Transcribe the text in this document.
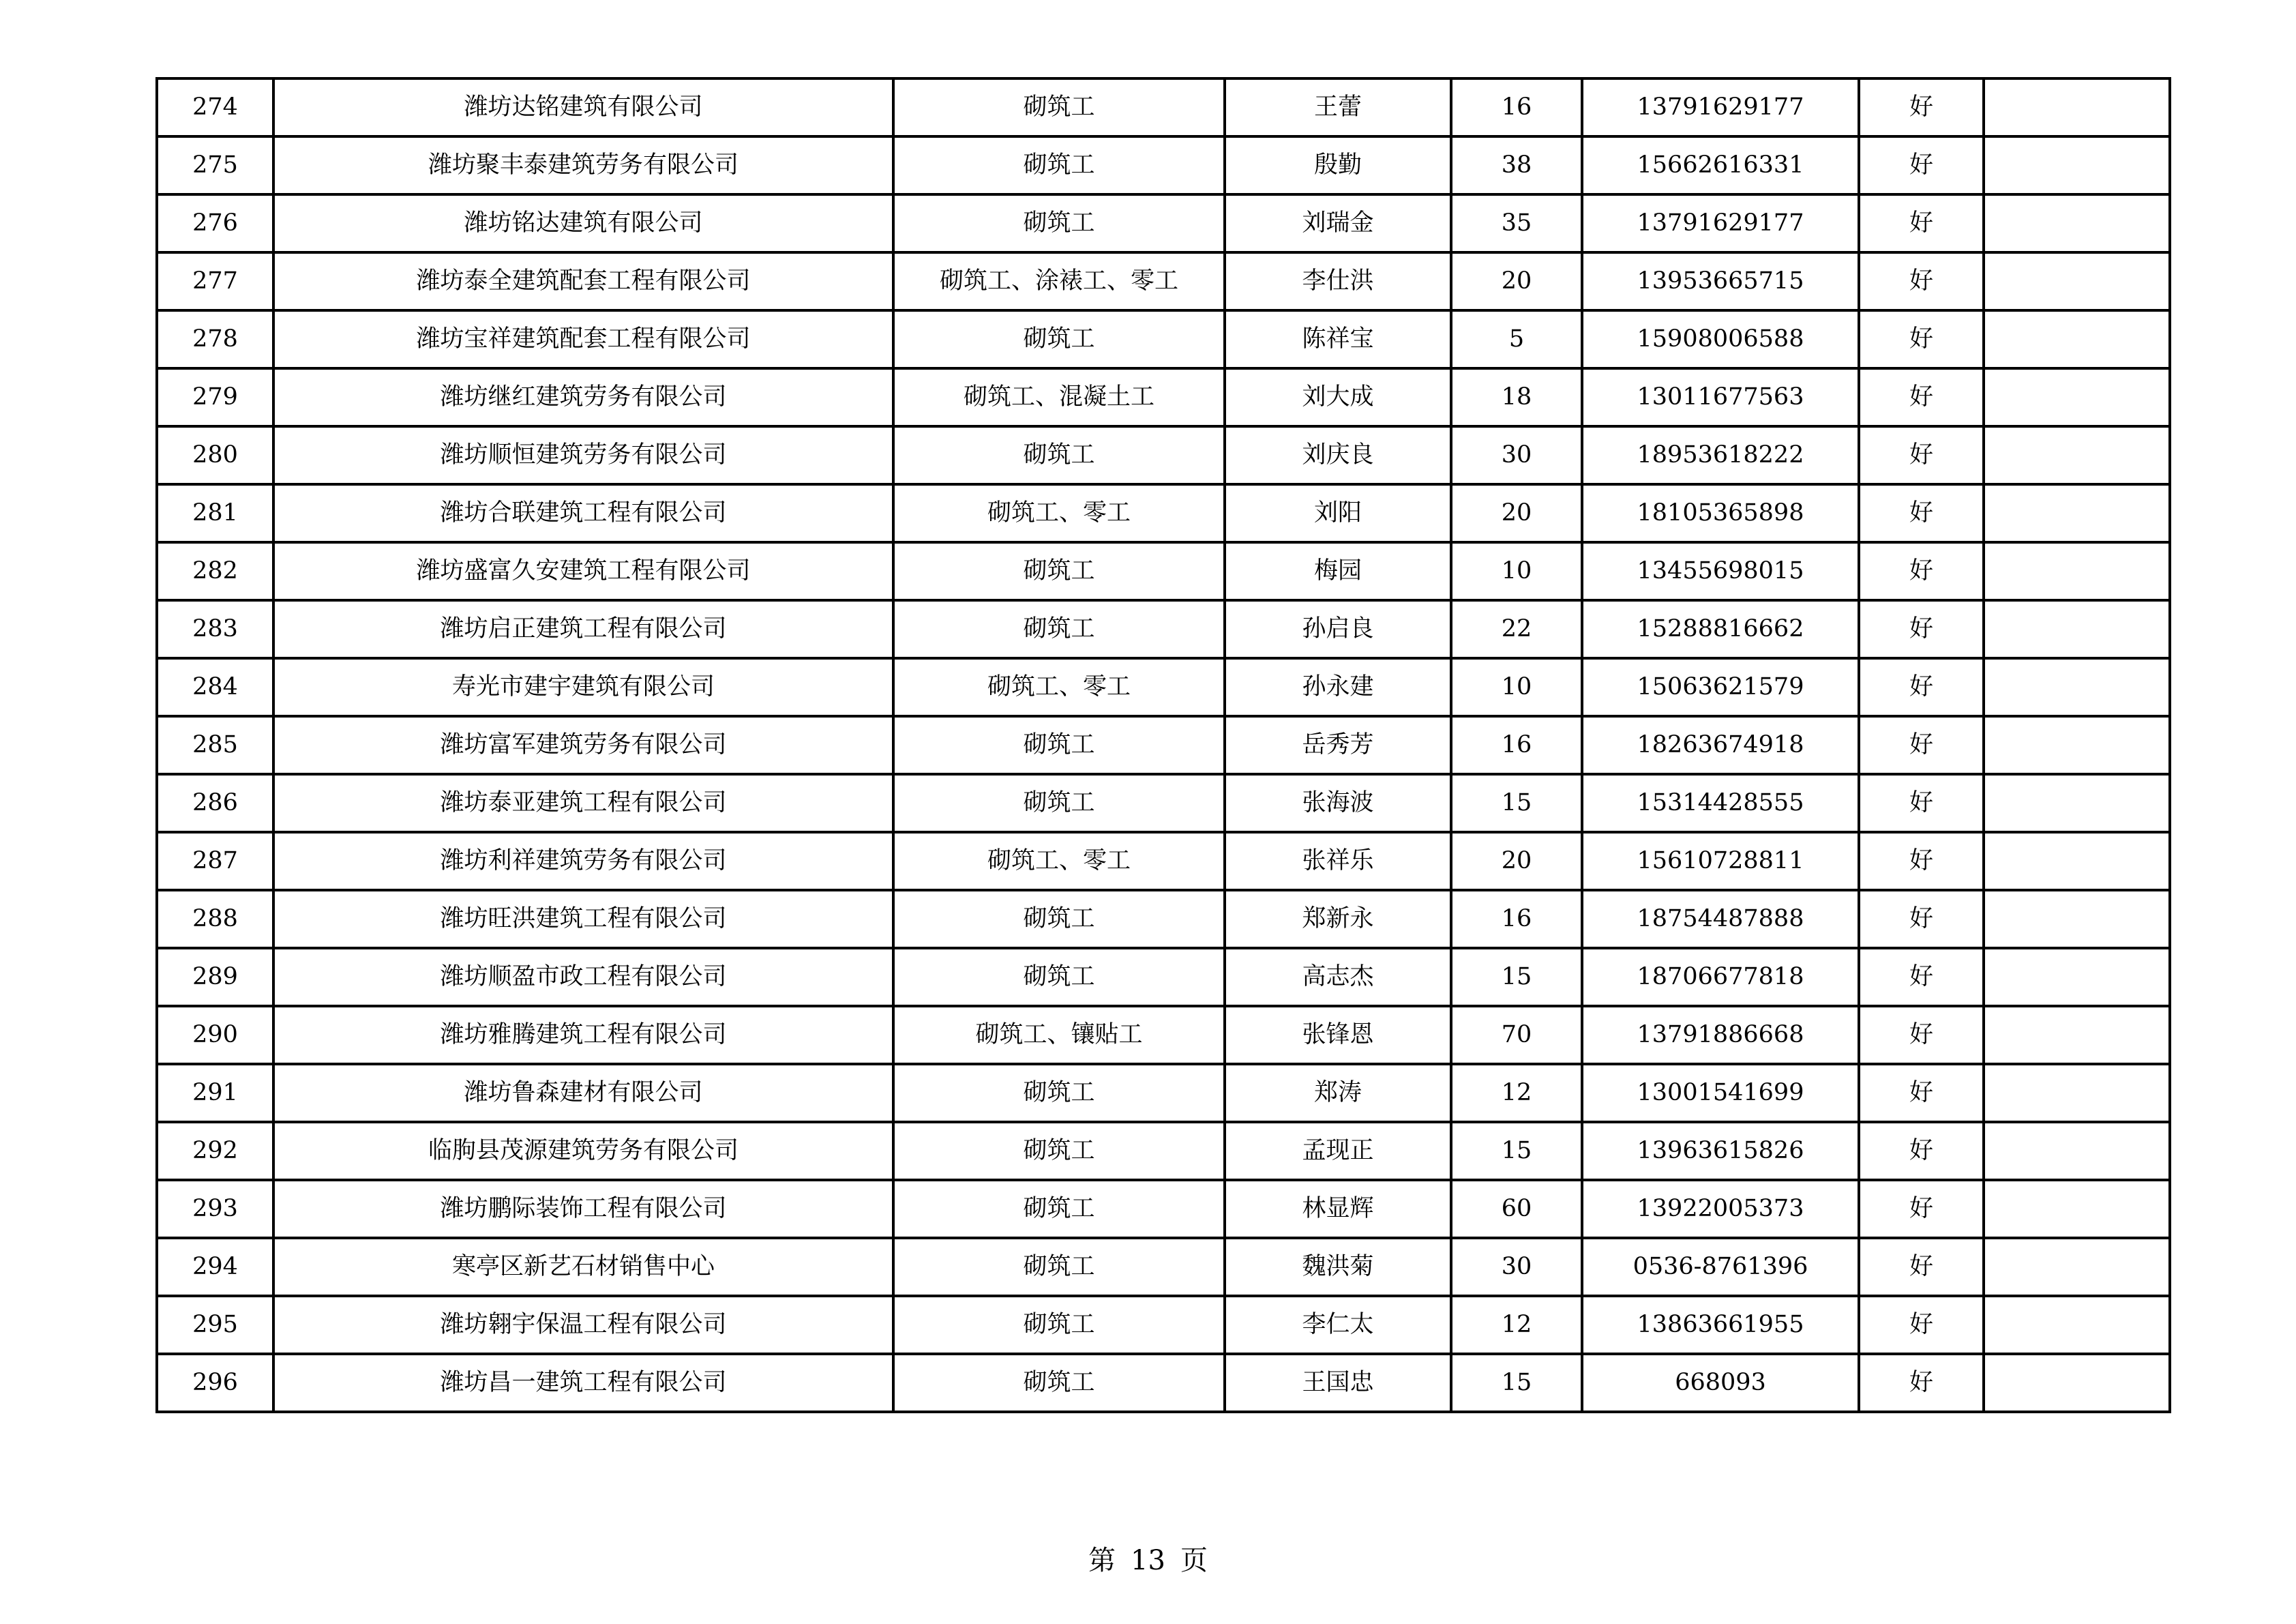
274	潍坊达铭建筑有限公司	砌筑工	王蕾	16	13791629177	好	
275	潍坊聚丰泰建筑劳务有限公司	砌筑工	殷勤	38	15662616331	好	
276	潍坊铭达建筑有限公司	砌筑工	刘瑞金	35	13791629177	好	
277	潍坊泰全建筑配套工程有限公司	砌筑工、涂裱工、零工	李仕洪	20	13953665715	好	
278	潍坊宝祥建筑配套工程有限公司	砌筑工	陈祥宝	5	15908006588	好	
279	潍坊继红建筑劳务有限公司	砌筑工、混凝土工	刘大成	18	13011677563	好	
280	潍坊顺恒建筑劳务有限公司	砌筑工	刘庆良	30	18953618222	好	
281	潍坊合联建筑工程有限公司	砌筑工、零工	刘阳	20	18105365898	好	
282	潍坊盛富久安建筑工程有限公司	砌筑工	梅园	10	13455698015	好	
283	潍坊启正建筑工程有限公司	砌筑工	孙启良	22	15288816662	好	
284	寿光市建宇建筑有限公司	砌筑工、零工	孙永建	10	15063621579	好	
285	潍坊富军建筑劳务有限公司	砌筑工	岳秀芳	16	18263674918	好	
286	潍坊泰亚建筑工程有限公司	砌筑工	张海波	15	15314428555	好	
287	潍坊利祥建筑劳务有限公司	砌筑工、零工	张祥乐	20	15610728811	好	
288	潍坊旺洪建筑工程有限公司	砌筑工	郑新永	16	18754487888	好	
289	潍坊顺盈市政工程有限公司	砌筑工	高志杰	15	18706677818	好	
290	潍坊雅腾建筑工程有限公司	砌筑工、镶贴工	张锋恩	70	13791886668	好	
291	潍坊鲁森建材有限公司	砌筑工	郑涛	12	13001541699	好	
292	临朐县茂源建筑劳务有限公司	砌筑工	孟现正	15	13963615826	好	
293	潍坊鹏际装饰工程有限公司	砌筑工	林显辉	60	13922005373	好	
294	寒亭区新艺石材销售中心	砌筑工	魏洪菊	30	0536-8761396	好	
295	潍坊翱宇保温工程有限公司	砌筑工	李仁太	12	13863661955	好	
296	潍坊昌一建筑工程有限公司	砌筑工	王国忠	15	668093	好	
第 13 页
